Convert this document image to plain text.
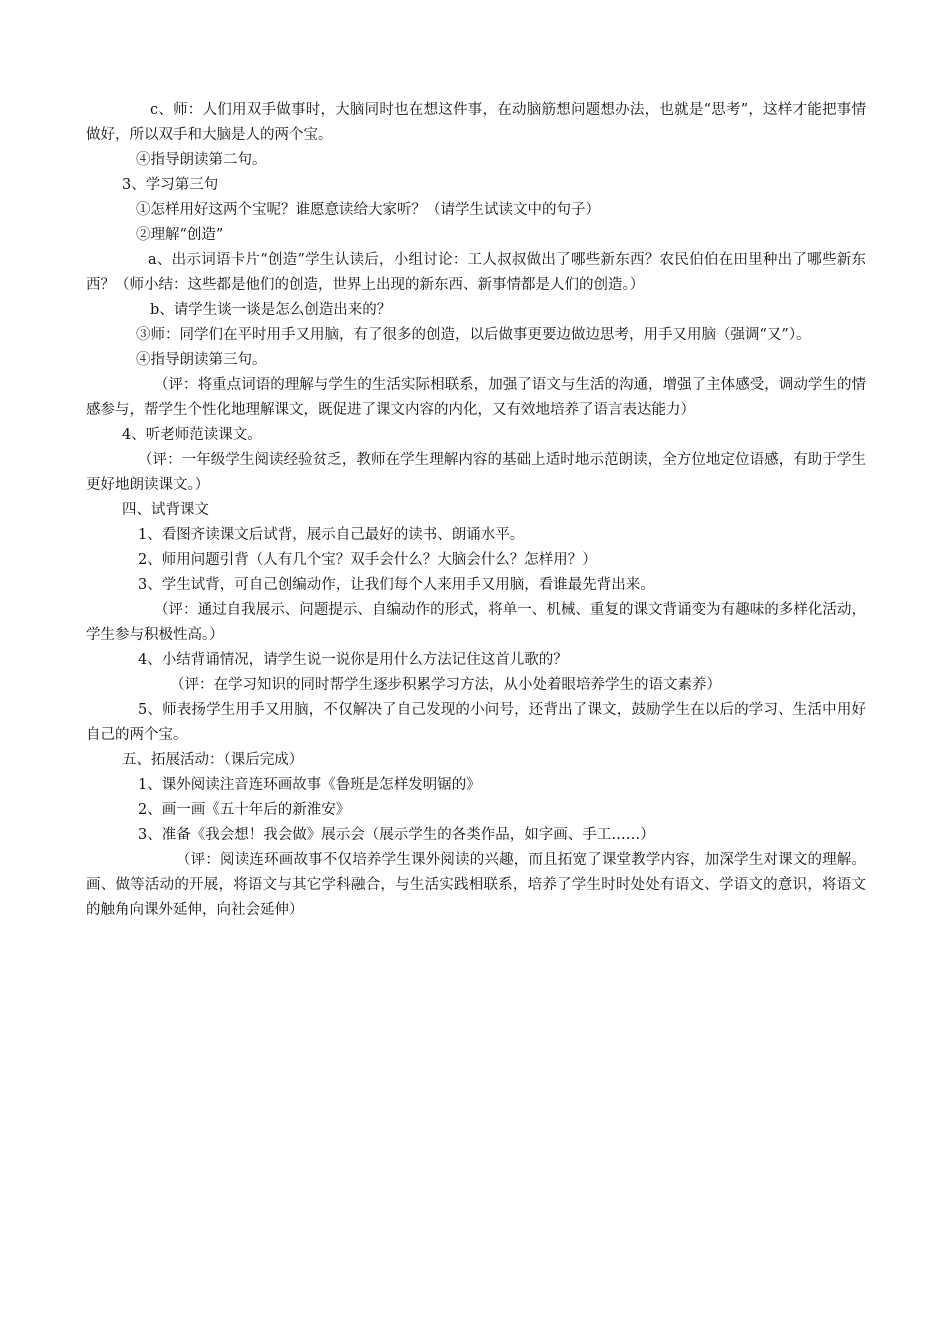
c、师：人们用双手做事时，大脑同时也在想这件事，在动脑筋想问题想办法，也就是“思考”，这样才能把事情做好，所以双手和大脑是人的两个宝。

④指导朗读第二句。

3、学习第三句

①怎样用好这两个宝呢？谁愿意读给大家听？（请学生试读文中的句子）

②理解“创造”

a、出示词语卡片“创造”学生认读后，小组讨论：工人叔叔做出了哪些新东西？农民伯伯在田里种出了哪些新东西？（师小结：这些都是他们的创造，世界上出现的新东西、新事情都是人们的创造。）

b、请学生谈一谈是怎么创造出来的？

③师：同学们在平时用手又用脑，有了很多的创造，以后做事更要边做边思考，用手又用脑（强调“又”）。

④指导朗读第三句。

（评：将重点词语的理解与学生的生活实际相联系，加强了语文与生活的沟通，增强了主体感受，调动学生的情感参与，帮学生个性化地理解课文，既促进了课文内容的内化，又有效地培养了语言表达能力）

4、听老师范读课文。

（评：一年级学生阅读经验贫乏，教师在学生理解内容的基础上适时地示范朗读，全方位地定位语感，有助于学生更好地朗读课文。）

四、试背课文

1、看图齐读课文后试背，展示自己最好的读书、朗诵水平。

2、师用问题引背（人有几个宝？双手会什么？大脑会什么？怎样用？）

3、学生试背，可自己创编动作，让我们每个人来用手又用脑，看谁最先背出来。

（评：通过自我展示、问题提示、自编动作的形式，将单一、机械、重复的课文背诵变为有趣味的多样化活动，学生参与积极性高。）

4、小结背诵情况，请学生说一说你是用什么方法记住这首儿歌的？

（评：在学习知识的同时帮学生逐步积累学习方法，从小处着眼培养学生的语文素养）

5、师表扬学生用手又用脑，不仅解决了自己发现的小问号，还背出了课文，鼓励学生在以后的学习、生活中用好自己的两个宝。

五、拓展活动：（课后完成）

1、课外阅读注音连环画故事《鲁班是怎样发明锯的》

2、画一画《五十年后的新淮安》

3、准备《我会想！我会做》展示会（展示学生的各类作品，如字画、手工……）

（评：阅读连环画故事不仅培养学生课外阅读的兴趣，而且拓宽了课堂教学内容，加深学生对课文的理解。画、做等活动的开展，将语文与其它学科融合，与生活实践相联系，培养了学生时时处处有语文、学语文的意识，将语文的触角向课外延伸，向社会延伸）
